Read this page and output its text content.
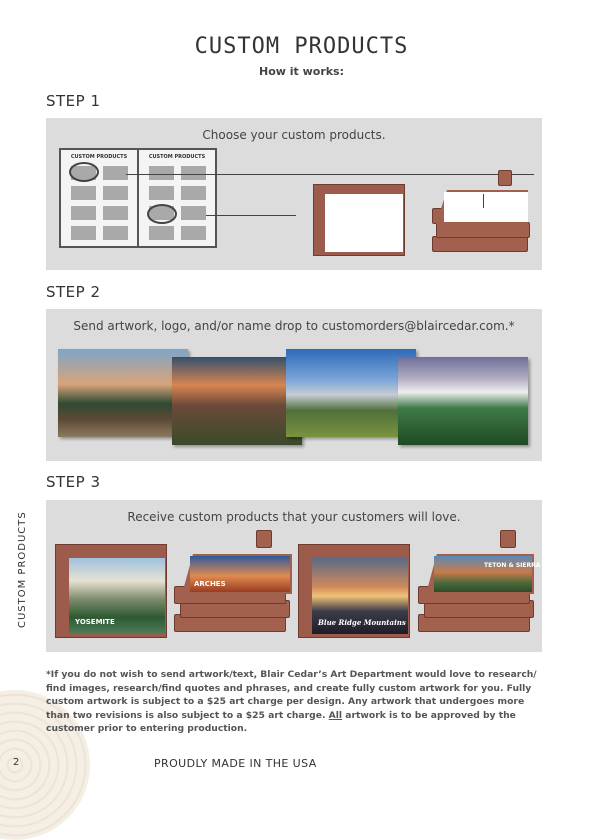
CUSTOM PRODUCTS
How it works:
STEP 1
Choose your custom products.
CUSTOM PRODUCTS	CUSTOM PRODUCTS
STEP 2
Send artwork, logo, and/or name drop to customorders@blaircedar.com.*
STEP 3
Receive custom products that your customers will love.
YOSEMITE
ARCHES
Blue Ridge Mountains
TETON & SIERRA
CUSTOM PRODUCTS
*If you do not wish to send artwork/text, Blair Cedar’s Art Department would love to research/ find images, research/find quotes and phrases, and create fully custom artwork for you. Fully custom artwork is subject to a $25 art charge per design. Any artwork that undergoes more than two revisions is also subject to a $25 art charge. All artwork is to be approved by the customer prior to entering production.
2	PROUDLY MADE IN THE USA
